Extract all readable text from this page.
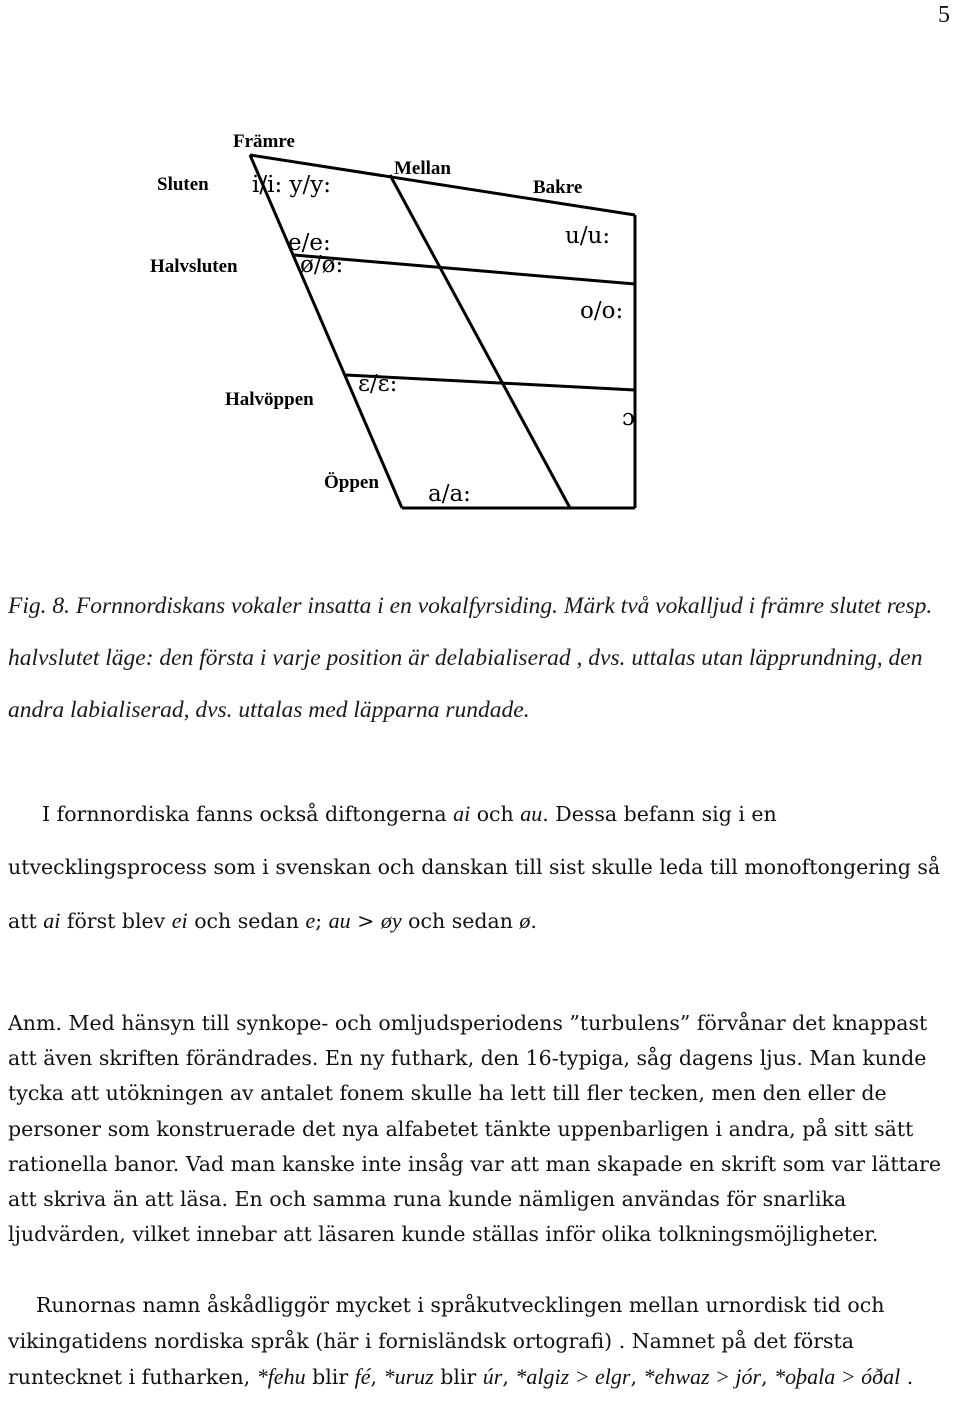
5
Främre
Mellan
Bakre
Sluten
Halvsluten
Halvöppen
Öppen
i/i: y/y:
u/u:
e/e:
ø/ø:
o/o:
ɛ/ɛ:
ɔ
a/a:

Fig. 8. Fornnordiskans vokaler insatta i en vokalfyrsiding. Märk två vokalljud i främre slutet resp. halvslutet läge: den första i varje position är delabialiserad , dvs. uttalas utan läpprundning, den andra labialiserad, dvs. uttalas med läpparna rundade.

I fornnordiska fanns också diftongerna ai och au. Dessa befann sig i en utvecklingsprocess som i svenskan och danskan till sist skulle leda till monoftongering så att ai först blev ei och sedan e; au > øy och sedan ø.

Anm. Med hänsyn till synkope- och omljudsperiodens ”turbulens” förvånar det knappast att även skriften förändrades. En ny futhark, den 16-typiga, såg dagens ljus. Man kunde tycka att utökningen av antalet fonem skulle ha lett till fler tecken, men den eller de personer som konstruerade det nya alfabetet tänkte uppenbarligen i andra, på sitt sätt rationella banor. Vad man kanske inte insåg var att man skapade en skrift som var lättare att skriva än att läsa. En och samma runa kunde nämligen användas för snarlika ljudvärden, vilket innebar att läsaren kunde ställas inför olika tolkningsmöjligheter.

Runornas namn åskådliggör mycket i språkutvecklingen mellan urnordisk tid och vikingatidens nordiska språk (här i fornisländsk ortografi) . Namnet på det första runtecknet i futharken, *fehu blir fé, *uruz blir úr, *algiz > elgr, *ehwaz > jór, *oþala > óðal .
